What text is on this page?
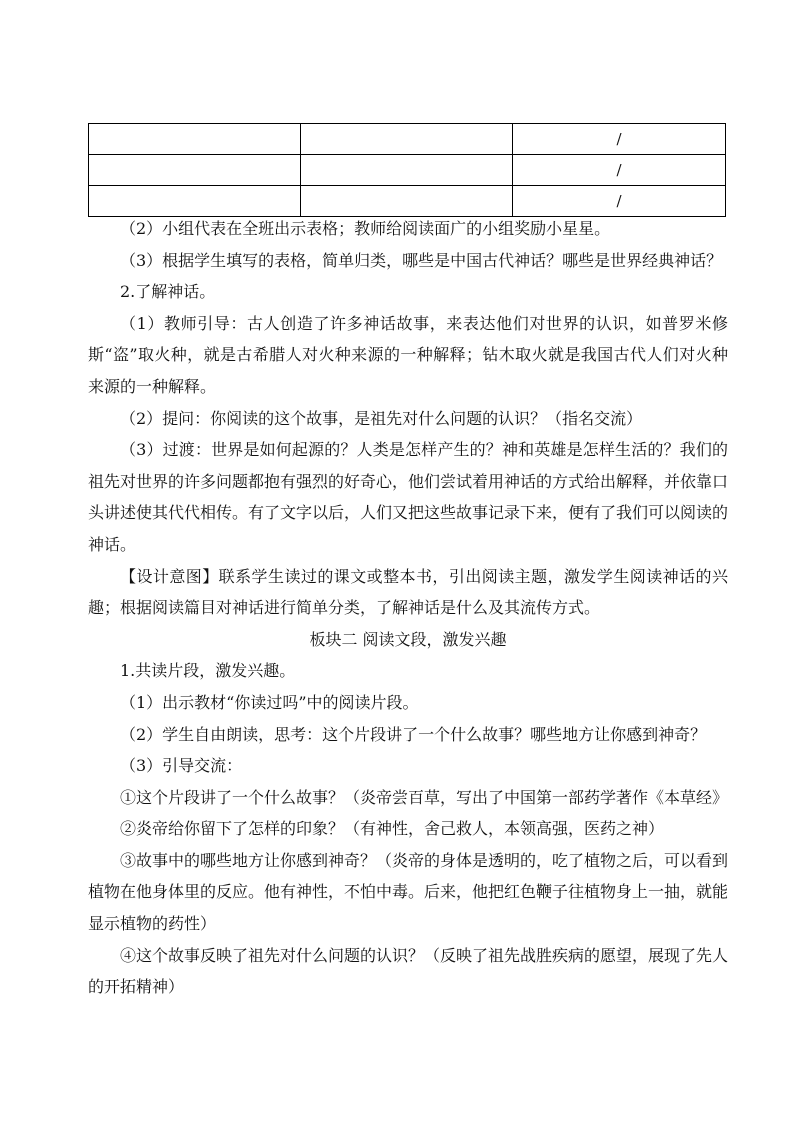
		/
		/
		/

（2）小组代表在全班出示表格；教师给阅读面广的小组奖励小星星。

（3）根据学生填写的表格，简单归类，哪些是中国古代神话？哪些是世界经典神话？

2.了解神话。

（1）教师引导：古人创造了许多神话故事，来表达他们对世界的认识，如普罗米修斯“盗”取火种，就是古希腊人对火种来源的一种解释；钻木取火就是我国古代人们对火种来源的一种解释。

（2）提问：你阅读的这个故事，是祖先对什么问题的认识？（指名交流）

（3）过渡：世界是如何起源的？人类是怎样产生的？神和英雄是怎样生活的？我们的祖先对世界的许多问题都抱有强烈的好奇心，他们尝试着用神话的方式给出解释，并依靠口头讲述使其代代相传。有了文字以后，人们又把这些故事记录下来，便有了我们可以阅读的神话。

【设计意图】联系学生读过的课文或整本书，引出阅读主题，激发学生阅读神话的兴趣；根据阅读篇目对神话进行简单分类，了解神话是什么及其流传方式。

板块二 阅读文段，激发兴趣

1.共读片段，激发兴趣。

（1）出示教材“你读过吗”中的阅读片段。

（2）学生自由朗读，思考：这个片段讲了一个什么故事？哪些地方让你感到神奇？

（3）引导交流：

①这个片段讲了一个什么故事？（炎帝尝百草，写出了中国第一部药学著作《本草经》

②炎帝给你留下了怎样的印象？（有神性，舍己救人，本领高强，医药之神）

③故事中的哪些地方让你感到神奇？（炎帝的身体是透明的，吃了植物之后，可以看到植物在他身体里的反应。他有神性，不怕中毒。后来，他把红色鞭子往植物身上一抽，就能显示植物的药性）

④这个故事反映了祖先对什么问题的认识？（反映了祖先战胜疾病的愿望，展现了先人的开拓精神）
